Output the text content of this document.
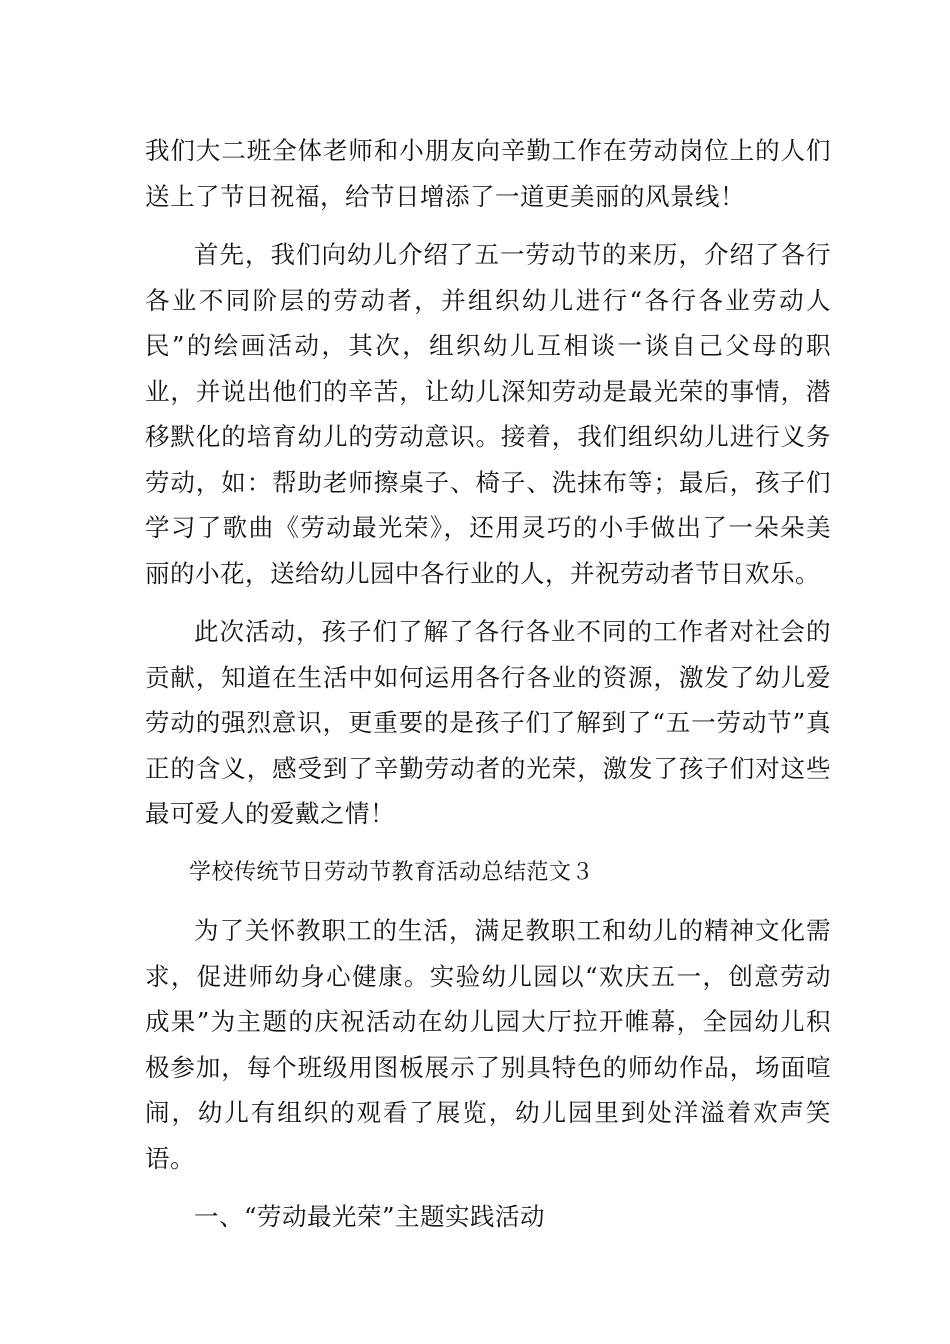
我们大二班全体老师和小朋友向辛勤工作在劳动岗位上的人们送上了节日祝福，给节日增添了一道更美丽的风景线！

首先，我们向幼儿介绍了五一劳动节的来历，介绍了各行各业不同阶层的劳动者，并组织幼儿进行“各行各业劳动人民”的绘画活动，其次，组织幼儿互相谈一谈自己父母的职业，并说出他们的辛苦，让幼儿深知劳动是最光荣的事情，潜移默化的培育幼儿的劳动意识。接着，我们组织幼儿进行义务劳动，如：帮助老师擦桌子、椅子、洗抹布等；最后，孩子们学习了歌曲《劳动最光荣》，还用灵巧的小手做出了一朵朵美丽的小花，送给幼儿园中各行业的人，并祝劳动者节日欢乐。

此次活动，孩子们了解了各行各业不同的工作者对社会的贡献，知道在生活中如何运用各行各业的资源，激发了幼儿爱劳动的强烈意识，更重要的是孩子们了解到了“五一劳动节”真正的含义，感受到了辛勤劳动者的光荣，激发了孩子们对这些最可爱人的爱戴之情！

学校传统节日劳动节教育活动总结范文３

为了关怀教职工的生活，满足教职工和幼儿的精神文化需求，促进师幼身心健康。实验幼儿园以“欢庆五一，创意劳动成果”为主题的庆祝活动在幼儿园大厅拉开帷幕，全园幼儿积极参加，每个班级用图板展示了别具特色的师幼作品，场面喧闹，幼儿有组织的观看了展览，幼儿园里到处洋溢着欢声笑语。

一、“劳动最光荣”主题实践活动
